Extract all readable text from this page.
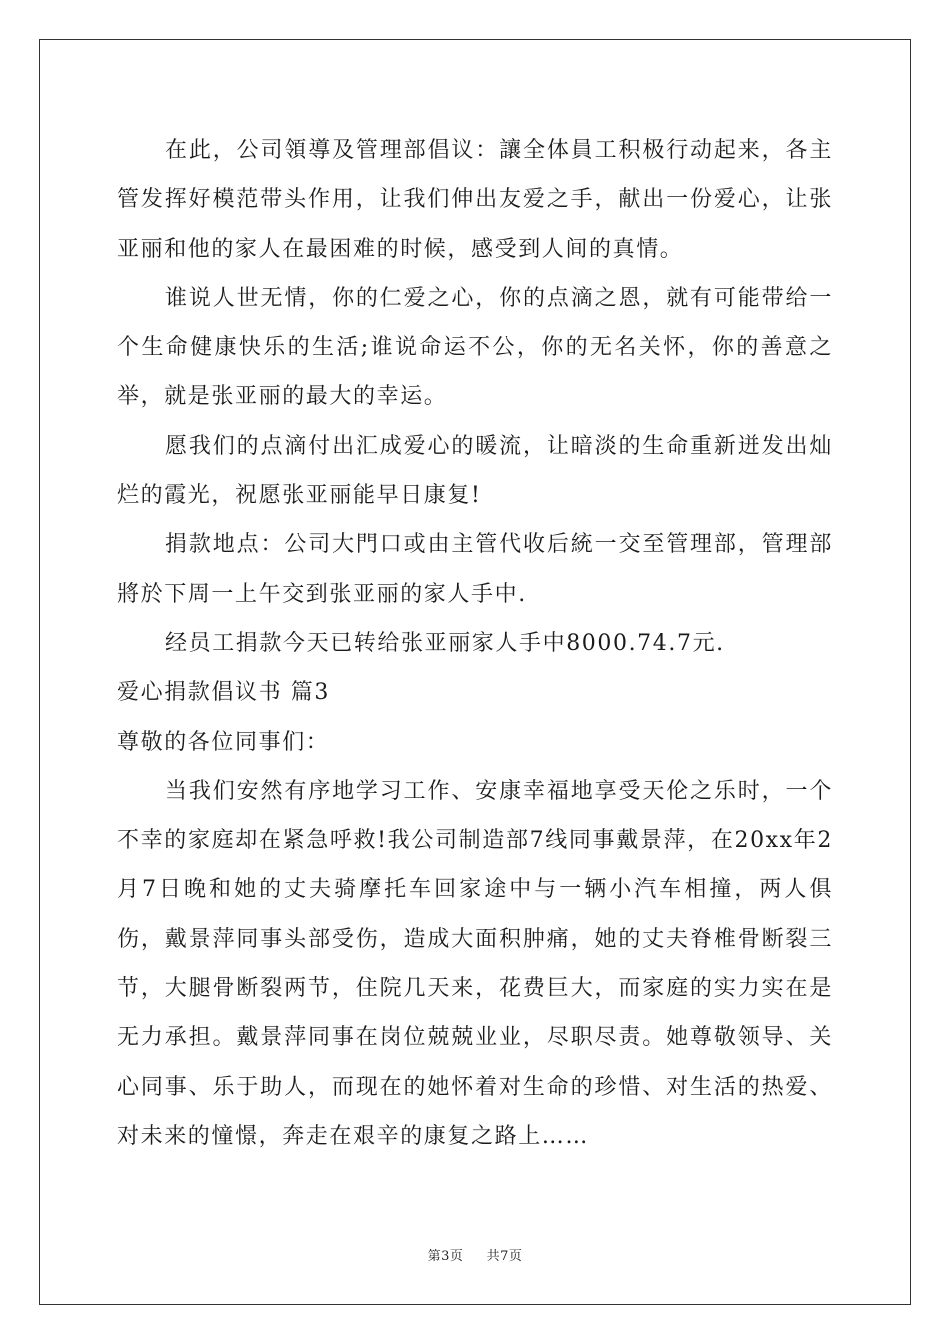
在此，公司領導及管理部倡议：讓全体員工积极行动起来，各主管发挥好模范带头作用，让我们伸出友爱之手，献出一份爱心，让张亚丽和他的家人在最困难的时候，感受到人间的真情。

谁说人世无情，你的仁爱之心，你的点滴之恩，就有可能带给一个生命健康快乐的生活;谁说命运不公，你的无名关怀，你的善意之举，就是张亚丽的最大的幸运。

愿我们的点滴付出汇成爱心的暖流，让暗淡的生命重新迸发出灿烂的霞光，祝愿张亚丽能早日康复!

捐款地点：公司大門口或由主管代收后統一交至管理部，管理部將於下周一上午交到张亚丽的家人手中.

经员工捐款今天已转给张亚丽家人手中8000.74.7元.

爱心捐款倡议书 篇3

尊敬的各位同事们：

当我们安然有序地学习工作、安康幸福地享受天伦之乐时，一个不幸的家庭却在紧急呼救!我公司制造部7线同事戴景萍，在20xx年2月7日晚和她的丈夫骑摩托车回家途中与一辆小汽车相撞，两人俱伤，戴景萍同事头部受伤，造成大面积肿痛，她的丈夫脊椎骨断裂三节，大腿骨断裂两节，住院几天来，花费巨大，而家庭的实力实在是无力承担。戴景萍同事在岗位兢兢业业，尽职尽责。她尊敬领导、关心同事、乐于助人，而现在的她怀着对生命的珍惜、对生活的热爱、对未来的憧憬，奔走在艰辛的康复之路上……

第3页 共7页
